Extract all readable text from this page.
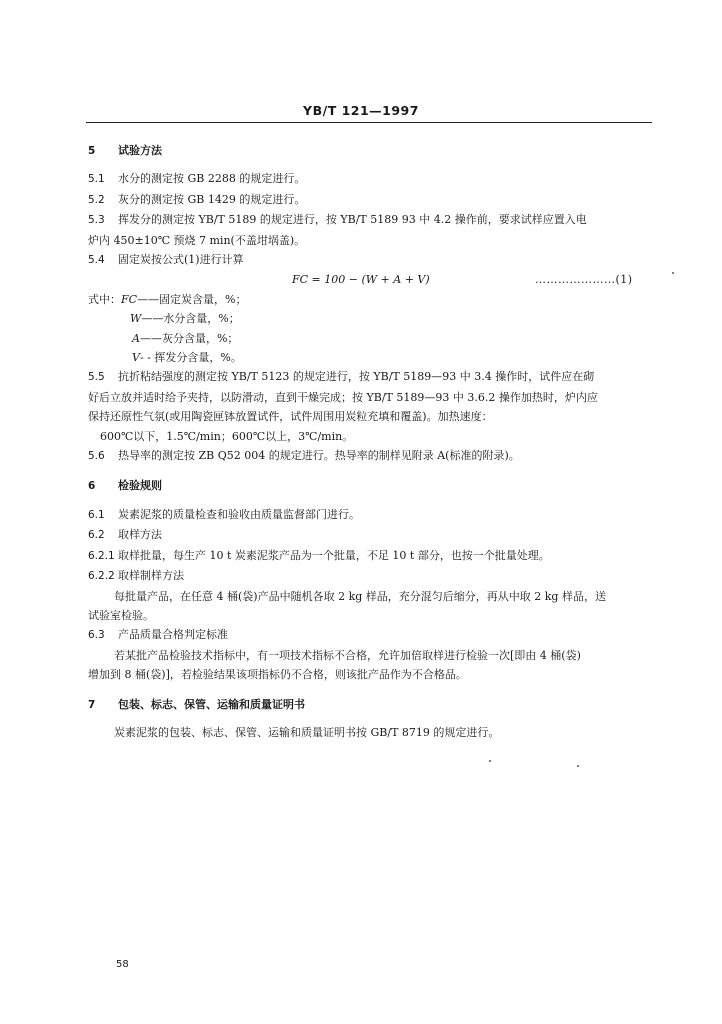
YB/T 121—1997
5 试验方法
5.1 水分的测定按 GB 2288 的规定进行。
5.2 灰分的测定按 GB 1429 的规定进行。
5.3 挥发分的测定按 YB/T 5189 的规定进行，按 YB/T 5189 93 中 4.2 操作前，要求试样应置入电
炉内 450±10℃ 预烧 7 min(不盖坩埚盖)。
5.4 固定炭按公式(1)进行计算
FC = 100 − (W + A + V)	…………………(1)
式中：FC——固定炭含量，%；
W——水分含量，%；
A——灰分含量，%；
V- - 挥发分含量，%。
5.5 抗折粘结强度的测定按 YB/T 5123 的规定进行，按 YB/T 5189—93 中 3.4 操作时，试件应在砌
好后立放并适时给予夹持，以防滑动，直到干燥完成；按 YB/T 5189—93 中 3.6.2 操作加热时，炉内应
保持还原性气氛(或用陶瓷匣钵放置试件，试件周围用炭粒充填和覆盖)。加热速度：
600℃以下，1.5℃/min；600℃以上，3℃/min。
5.6 热导率的测定按 ZB Q52 004 的规定进行。热导率的制样见附录 A(标准的附录)。
6 检验规则
6.1 炭素泥浆的质量检查和验收由质量监督部门进行。
6.2 取样方法
6.2.1 取样批量，每生产 10 t 炭素泥浆产品为一个批量，不足 10 t 部分，也按一个批量处理。
6.2.2 取样制样方法
每批量产品，在任意 4 桶(袋)产品中随机各取 2 kg 样品，充分混匀后缩分，再从中取 2 kg 样品，送
试验室检验。
6.3 产品质量合格判定标准
若某批产品检验技术指标中，有一项技术指标不合格，允许加倍取样进行检验一次[即由 4 桶(袋)
增加到 8 桶(袋)]，若检验结果该项指标仍不合格，则该批产品作为不合格品。
7 包装、标志、保管、运输和质量证明书
炭素泥浆的包装、标志、保管、运输和质量证明书按 GB/T 8719 的规定进行。
58
